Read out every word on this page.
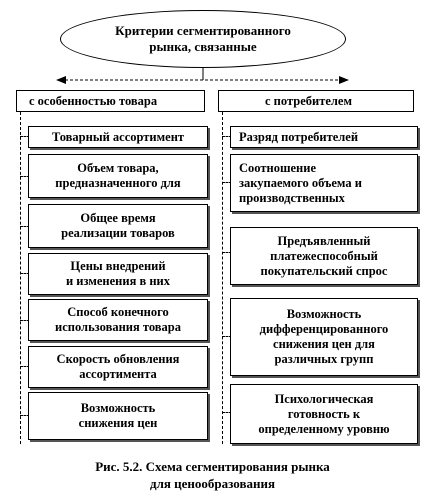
Критерии сегментированного
рынка, связанные
с особенностью товара
Товарный ассортимент
Объем товара,
предназначенного для
Общее время
реализации товаров
Цены внедрений
и изменения в них
Способ конечного
использования товара
Скорость обновления
ассортимента
Возможность
снижения цен
с потребителем
Разряд потребителей
Соотношение
закупаемого объема и
производственных
Предъявленный
платежеспособный
покупательский спрос
Возможность
дифференцированного
снижения цен для
различных групп
Психологическая
готовность к
определенному уровню
Рис. 5.2. Схема сегментирования рынка
для ценообразования
